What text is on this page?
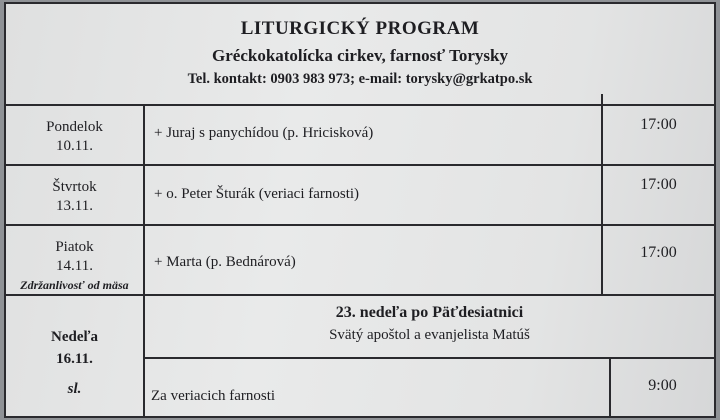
LITURGICKÝ PROGRAM
Gréckokatolícka cirkev, farnosť Torysky
Tel. kontakt: 0903 983 973; e-mail: torysky@grkatpo.sk
Pondelok
10.11.
+ Juraj s panychídou (p. Hricisková)	17:00
Štvrtok
13.11.
+ o. Peter Šturák (veriaci farnosti)
17:00
Piatok
14.11.
Zdržanlivosť od mäsa
+ Marta (p. Bednárová)
17:00
Nedeľa
16.11.
sl.
23. nedeľa po Päťdesiatnici
Svätý apoštol a evanjelista Matúš
Za veriacich farnosti
9:00
